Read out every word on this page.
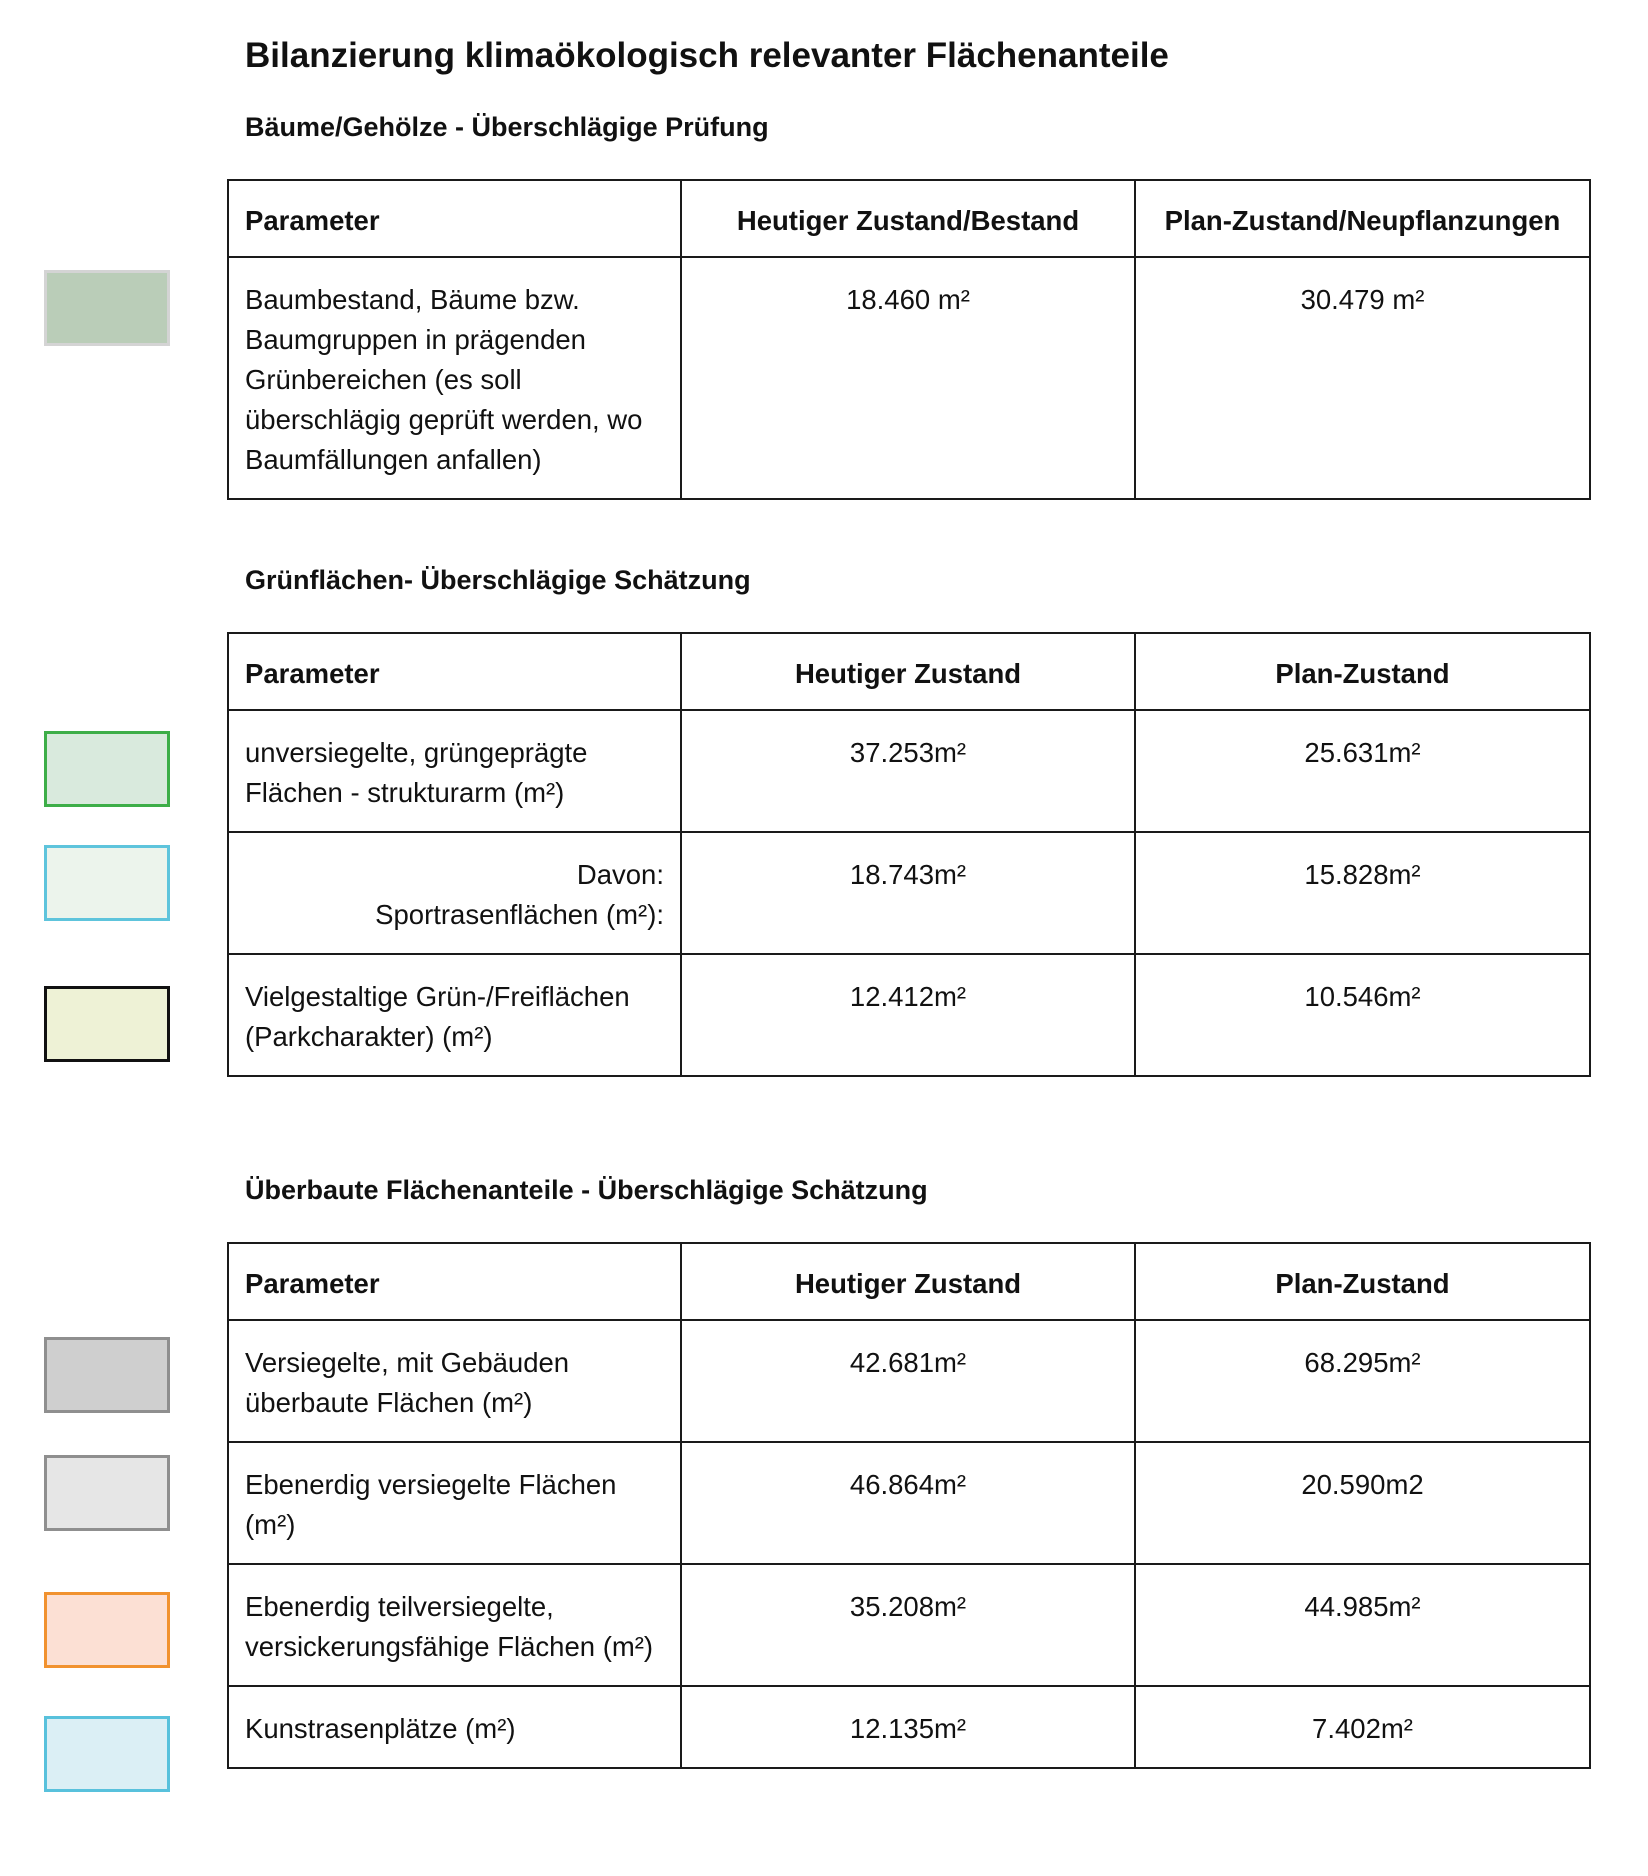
Bilanzierung klimaökologisch relevanter Flächenanteile
Bäume/Gehölze - Überschlägige Prüfung
Parameter	Heutiger Zustand/Bestand	Plan-Zustand/Neupflanzungen
Baumbestand, Bäume bzw. Baumgruppen in prägenden Grünbereichen (es soll überschlägig geprüft werden, wo Baumfällungen anfallen)	18.460 m²	30.479 m²
Grünflächen- Überschlägige Schätzung
Parameter	Heutiger Zustand	Plan-Zustand
unversiegelte, grüngeprägte Flächen - strukturarm (m²)	37.253m²	25.631m²

Davon:
Sportrasenflächen (m²):	18.743m²	15.828m²
Vielgestaltige Grün-/Freiflächen (Parkcharakter) (m²)	12.412m²	10.546m²
Überbaute Flächenanteile - Überschlägige Schätzung
Parameter	Heutiger Zustand	Plan-Zustand
Versiegelte, mit Gebäuden überbaute Flächen (m²)	42.681m²	68.295m²
Ebenerdig versiegelte Flächen (m²)	46.864m²	20.590m2
Ebenerdig teilversiegelte, versickerungsfähige Flächen (m²)	35.208m²	44.985m²
Kunstrasenplätze (m²)	12.135m²	7.402m²
